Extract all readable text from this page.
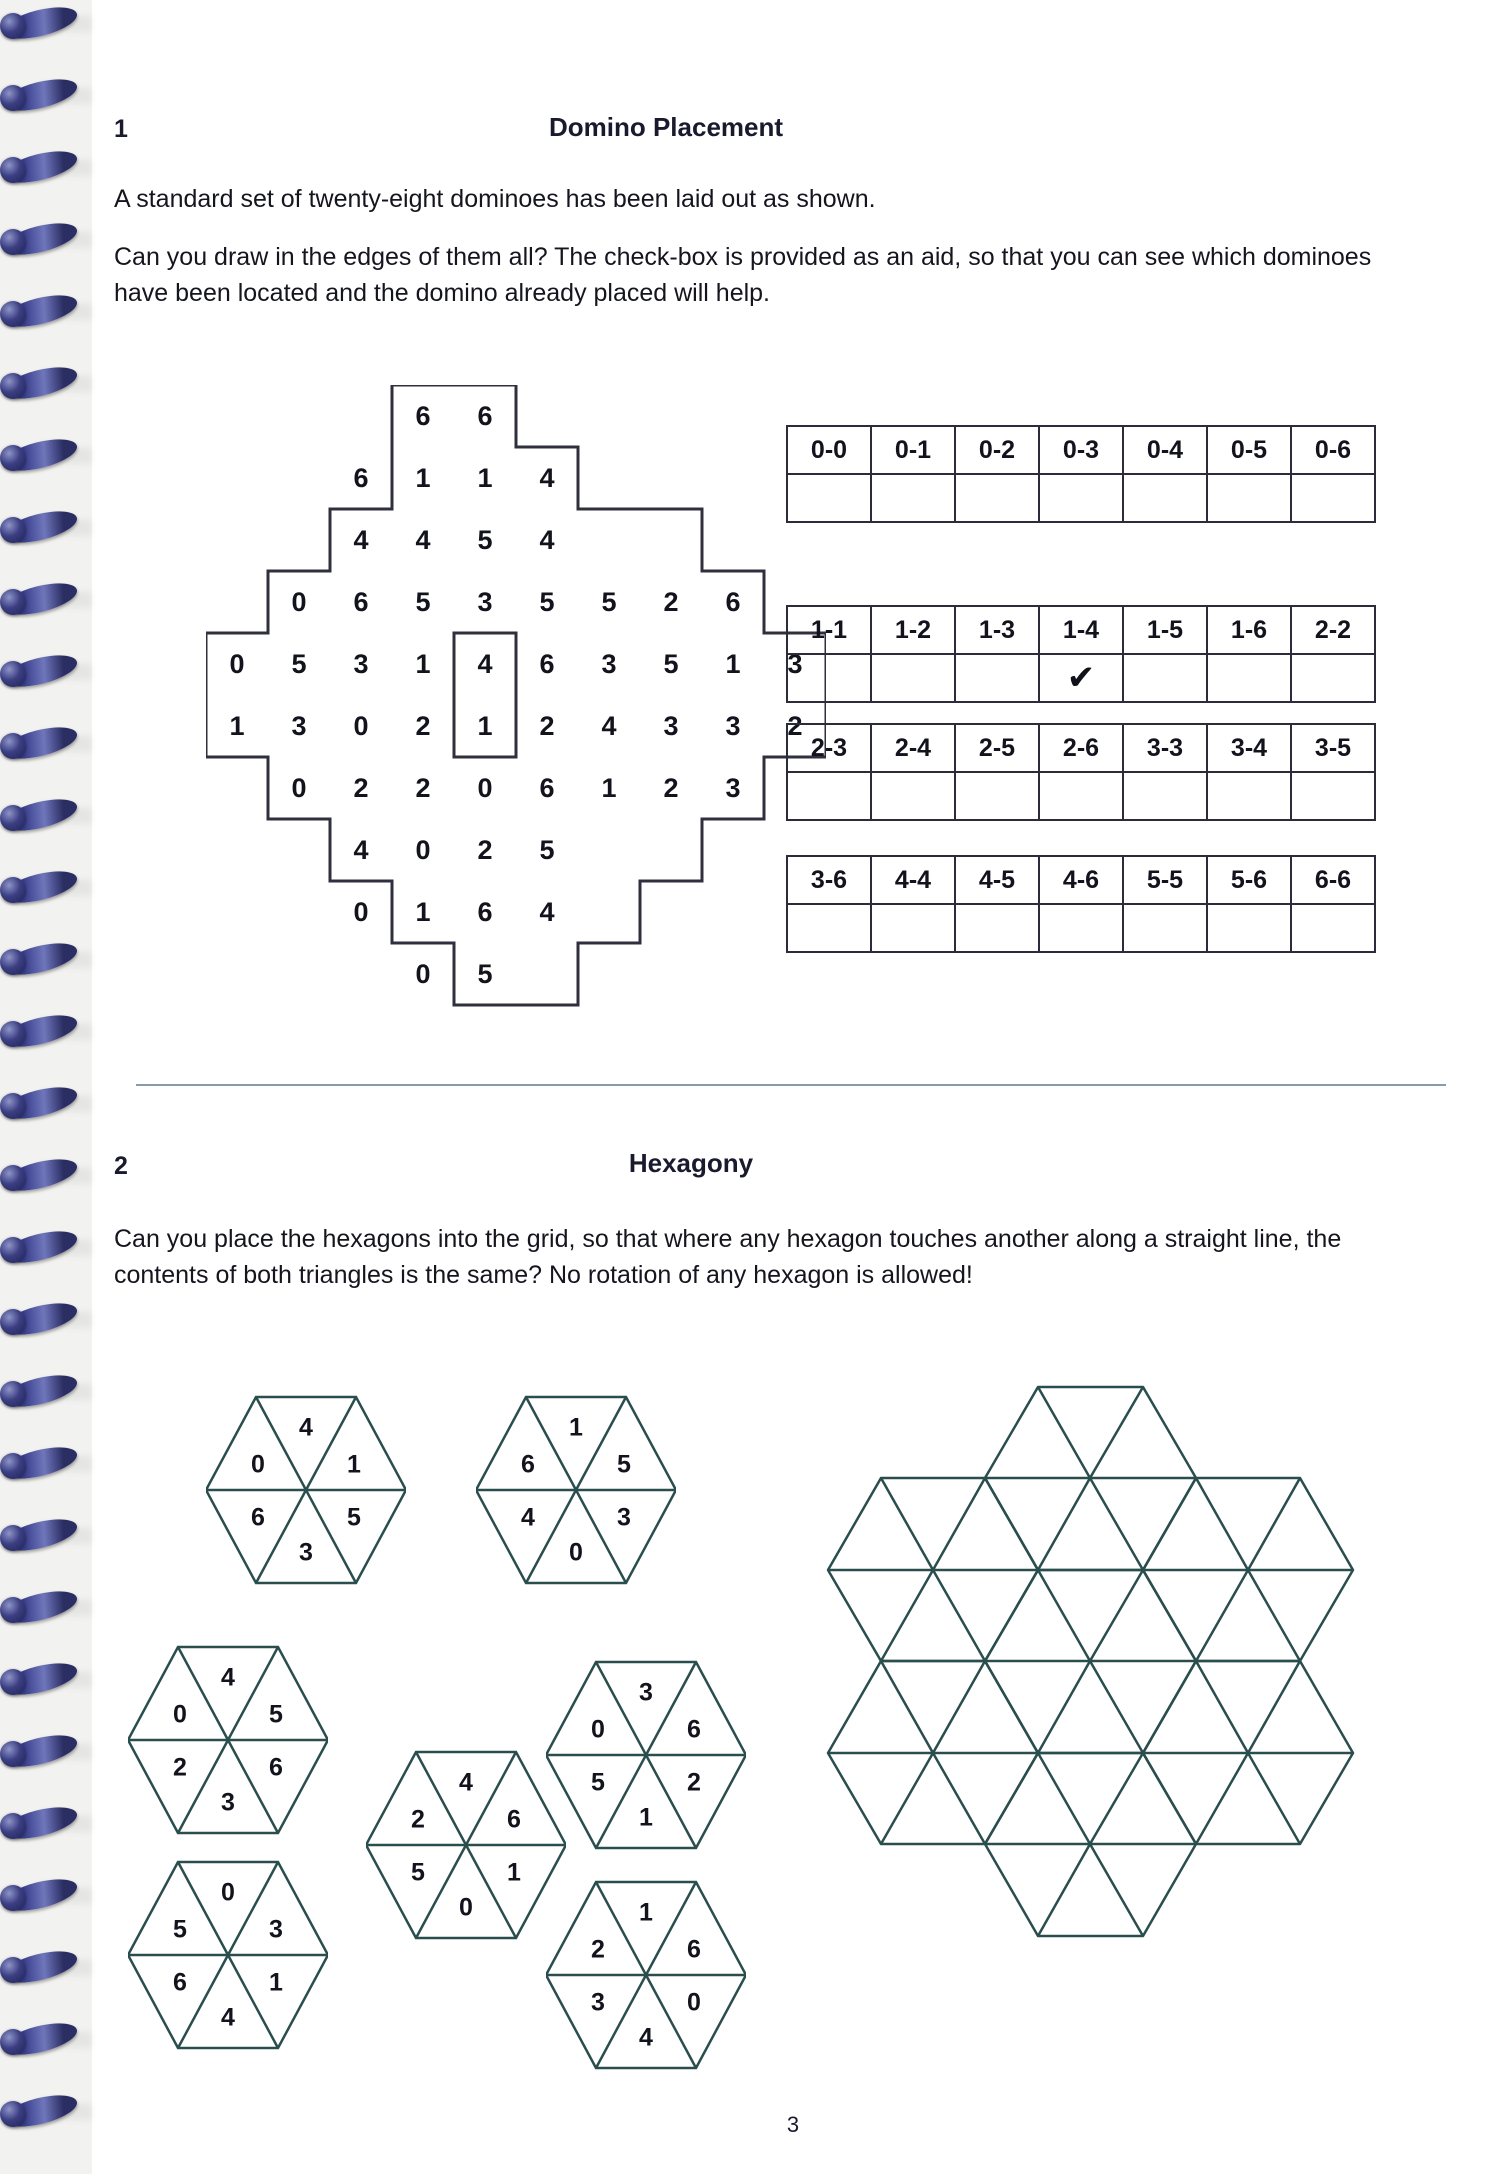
1	Domino Placement
A standard set of twenty-eight dominoes has been laid out as shown.
Can you draw in the edges of them all? The check-box is provided as an aid, so that you can see which dominoes have been located and the domino already placed will help.
6	6
6	1	1	4
4	4	5	4
0	6	5	3	5	5	2	6
0	5	3	1	4	6	3	5	1	3
1	3	0	2	1	2	4	3	3	2
0	2	2	0	6	1	2	3
4	0	2	5
0	1	6	4
0	5
0-0	0-1	0-2	0-3	0-4	0-5	0-6

1-1	1-2	1-3	1-4	1-5	1-6	2-2
			✔			
2-3	2-4	2-5	2-6	3-3	3-4	3-5

3-6	4-4	4-5	4-6	5-5	5-6	6-6

2	Hexagony
Can you place the hexagons into the grid, so that where any hexagon touches another along a straight line, the contents of both triangles is the same? No rotation of any hexagon is allowed!
4
0	1
6	5
3
1
6	5
4	3
0
4
0	5
2	6
3
3
0	6
5	2
1
4
2	6
5	1
0
0
5	3
6	1
4
1
2	6
3	0
4
3
